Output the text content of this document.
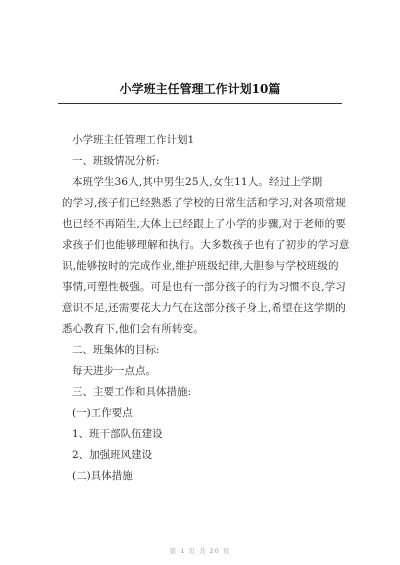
小学班主任管理工作计划10篇
小学班主任管理工作计划1
一、班级情况分析:
本班学生36人,其中男生25人,女生11人。经过上学期
的学习,孩子们已经熟悉了学校的日常生活和学习,对各项常规
也已经不再陌生,大体上已经跟上了小学的步骤,对于老师的要
求孩子们也能够理解和执行。大多数孩子也有了初步的学习意
识,能够按时的完成作业,维护班级纪律,大胆参与学校班级的
事情,可塑性极强。可是也有一部分孩子的行为习惯不良,学习
意识不足,还需要花大力气在这部分孩子身上,希望在这学期的
悉心教育下,他们会有所转变。
二、班集体的目标:
每天进步一点点。
三、主要工作和具体措施:
(一)工作要点
1、班干部队伍建设
2、加强班风建设
(二)具体措施
第 1 页 共 20 页
